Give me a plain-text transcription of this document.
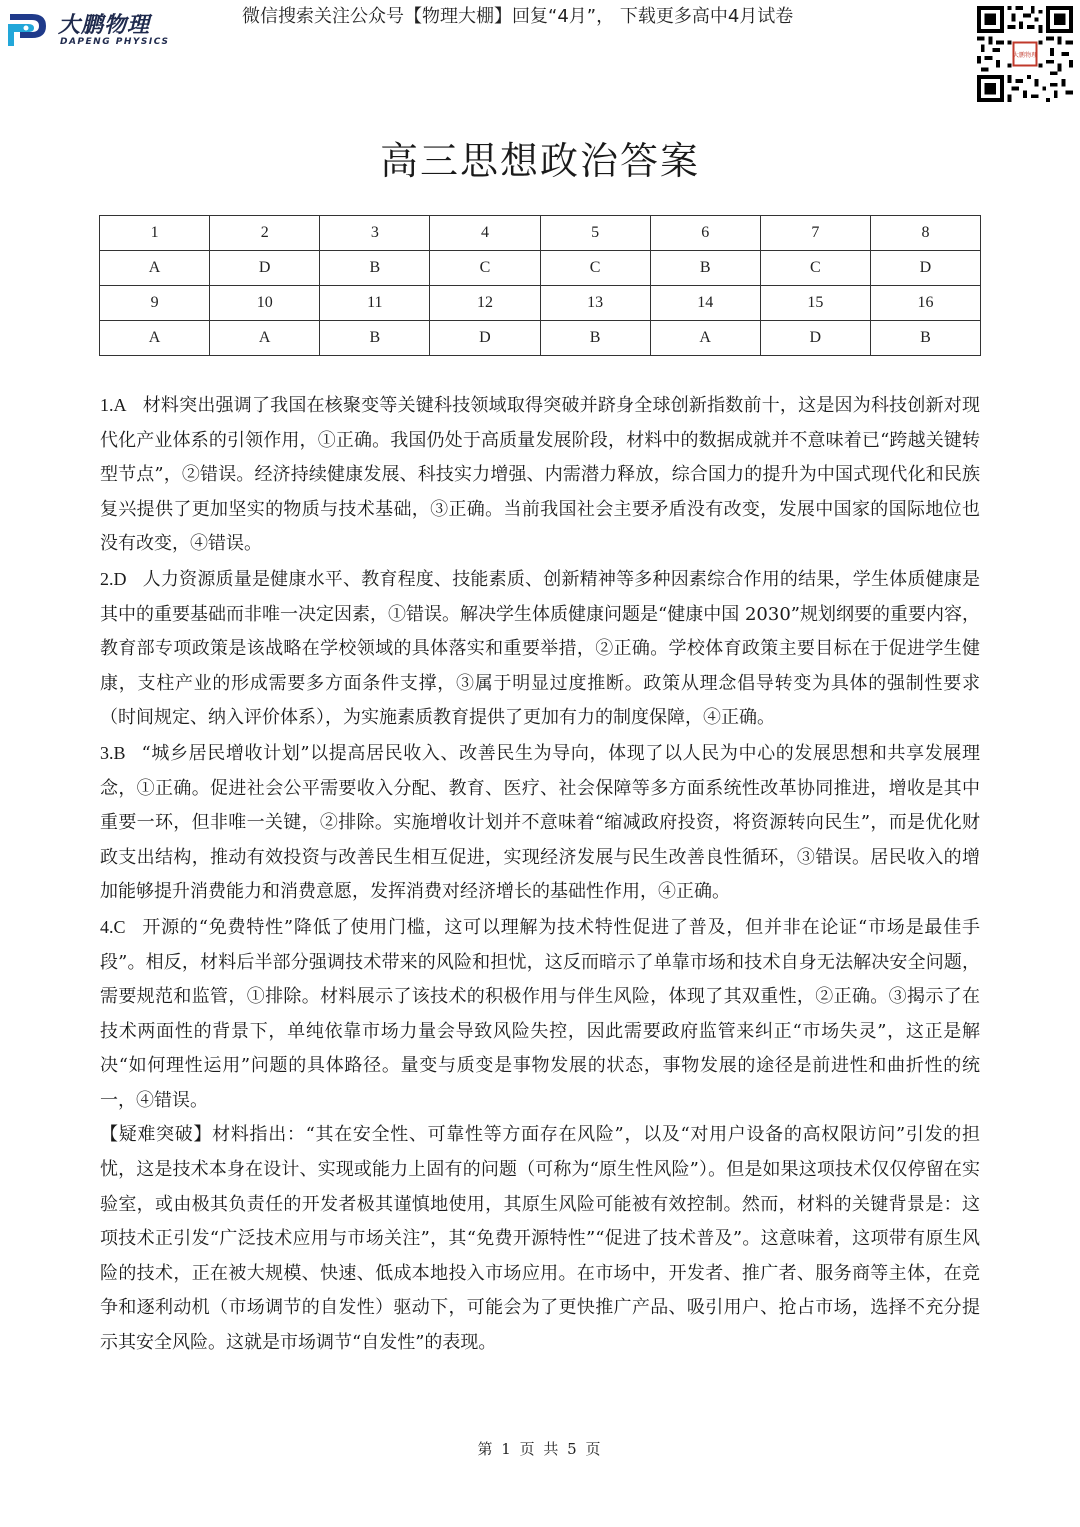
大鹏物理
DAPENG PHYSICS
微信搜索关注公众号【物理大棚】回复“4月”， 下载更多高中4月试卷
大鹏物理
高三思想政治答案
1	2	3	4	5	6	7	8
A	D	B	C	C	B	C	D
9	10	11	12	13	14	15	16
A	A	B	D	B	A	D	B

1.A 材料突出强调了我国在核聚变等关键科技领域取得突破并跻身全球创新指数前十，这是因为科技创新对现代化产业体系的引领作用，①正确。我国仍处于高质量发展阶段，材料中的数据成就并不意味着已“跨越关键转型节点”，②错误。经济持续健康发展、科技实力增强、内需潜力释放，综合国力的提升为中国式现代化和民族复兴提供了更加坚实的物质与技术基础，③正确。当前我国社会主要矛盾没有改变，发展中国家的国际地位也没有改变，④错误。

2.D 人力资源质量是健康水平、教育程度、技能素质、创新精神等多种因素综合作用的结果，学生体质健康是其中的重要基础而非唯一决定因素，①错误。解决学生体质健康问题是“健康中国 2030”规划纲要的重要内容，教育部专项政策是该战略在学校领域的具体落实和重要举措，②正确。学校体育政策主要目标在于促进学生健康，支柱产业的形成需要多方面条件支撑，③属于明显过度推断。政策从理念倡导转变为具体的强制性要求（时间规定、纳入评价体系），为实施素质教育提供了更加有力的制度保障，④正确。

3.B “城乡居民增收计划”以提高居民收入、改善民生为导向，体现了以人民为中心的发展思想和共享发展理念，①正确。促进社会公平需要收入分配、教育、医疗、社会保障等多方面系统性改革协同推进，增收是其中重要一环，但非唯一关键，②排除。实施增收计划并不意味着“缩减政府投资，将资源转向民生”，而是优化财政支出结构，推动有效投资与改善民生相互促进，实现经济发展与民生改善良性循环，③错误。居民收入的增加能够提升消费能力和消费意愿，发挥消费对经济增长的基础性作用，④正确。

4.C 开源的“免费特性”降低了使用门槛，这可以理解为技术特性促进了普及，但并非在论证“市场是最佳手段”。相反，材料后半部分强调技术带来的风险和担忧，这反而暗示了单靠市场和技术自身无法解决安全问题，需要规范和监管，①排除。材料展示了该技术的积极作用与伴生风险，体现了其双重性，②正确。③揭示了在技术两面性的背景下，单纯依靠市场力量会导致风险失控，因此需要政府监管来纠正“市场失灵”，这正是解决“如何理性运用”问题的具体路径。量变与质变是事物发展的状态，事物发展的途径是前进性和曲折性的统一，④错误。

【疑难突破】材料指出：“其在安全性、可靠性等方面存在风险”，以及“对用户设备的高权限访问”引发的担忧，这是技术本身在设计、实现或能力上固有的问题（可称为“原生性风险”）。但是如果这项技术仅仅停留在实验室，或由极其负责任的开发者极其谨慎地使用，其原生风险可能被有效控制。然而，材料的关键背景是：这项技术正引发“广泛技术应用与市场关注”，其“免费开源特性”“促进了技术普及”。这意味着，这项带有原生风险的技术，正在被大规模、快速、低成本地投入市场应用。在市场中，开发者、推广者、服务商等主体，在竞争和逐利动机（市场调节的自发性）驱动下，可能会为了更快推广产品、吸引用户、抢占市场，选择不充分提示其安全风险。这就是市场调节“自发性”的表现。

第 1 页 共 5 页
